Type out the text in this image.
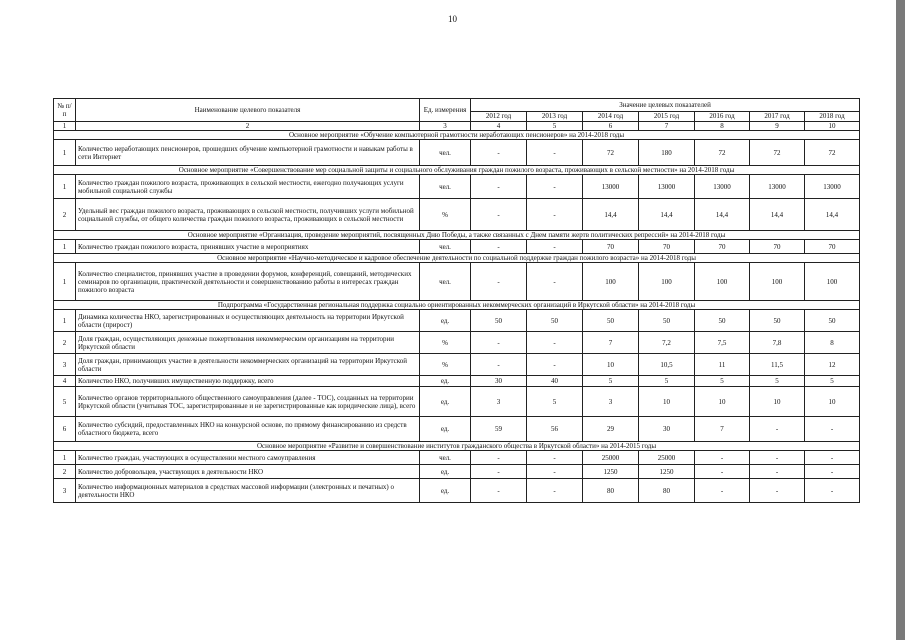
10
№ п/п	Наименование целевого показателя	Ед. измерения	Значение целевых показателей						
			2012 год	2013 год	2014 год	2015 год	2016 год	2017 год	2018 год
1	2	3	4	5	6	7	8	9	10
Основное мероприятие «Обучение компьютерной грамотности неработающих пенсионеров» на 2014-2018 годы									
1	Количество неработающих пенсионеров, прошедших обучение компьютерной грамотности и навыкам работы в сети Интернет	чел.	-	-	72	180	72	72	72
Основное мероприятие «Совершенствование мер социальной защиты и социального обслуживания граждан пожилого возраста, проживающих в сельской местности» на 2014-2018 годы									
1	Количество граждан пожилого возраста, проживающих в сельской местности, ежегодно получающих услуги мобильной социальной службы	чел.	-	-	13000	13000	13000	13000	13000
2	Удельный вес граждан пожилого возраста, проживающих в сельской местности, получивших услуги мобильной социальной службы, от общего количества граждан пожилого возраста, проживающих в сельской местности	%	-	-	14,4	14,4	14,4	14,4	14,4
Основное мероприятие «Организация, проведение мероприятий, посвященных Дню Победы, а также связанных с Днем памяти жертв политических репрессий» на 2014-2018 годы									
1	Количество граждан пожилого возраста, принявших участие в мероприятиях	чел.	-	-	70	70	70	70	70
Основное мероприятие «Научно-методическое и кадровое обеспечение деятельности по социальной поддержке граждан пожилого возраста» на 2014-2018 годы									
1	Количество специалистов, принявших участие в проведении форумов, конференций, совещаний, методических семинаров по организации, практической деятельности и совершенствованию работы в интересах граждан пожилого возраста	чел.	-	-	100	100	100	100	100
Подпрограмма «Государственная региональная поддержка социально ориентированных некоммерческих организаций в Иркутской области» на 2014-2018 годы									
1	Динамика количества НКО, зарегистрированных и осуществляющих деятельность на территории Иркутской области (прирост)	ед.	50	50	50	50	50	50	50
2	Доля граждан, осуществляющих денежные пожертвования некоммерческим организациям на территории Иркутской области	%	-	-	7	7,2	7,5	7,8	8
3	Доля граждан, принимающих участие в деятельности некоммерческих организаций на территории Иркутской области	%	-	-	10	10,5	11	11,5	12
4	Количество НКО, получивших имущественную поддержку, всего	ед.	30	40	5	5	5	5	5
5	Количество органов территориального общественного самоуправления (далее - ТОС), созданных на территории Иркутской области (учитывая ТОС, зарегистрированные и не зарегистрированные как юридические лица), всего	ед.	3	5	3	10	10	10	10
6	Количество субсидий, предоставленных НКО на конкурсной основе, по прямому финансированию из средств областного бюджета, всего	ед.	59	56	29	30	7	-	-
Основное мероприятие «Развитие и совершенствование институтов гражданского общества в Иркутской области» на 2014-2015 годы									
1	Количество граждан, участвующих в осуществлении местного самоуправления	чел.	-	-	25000	25000	-	-	-
2	Количество добровольцев, участвующих в деятельности НКО	ед.	-	-	1250	1250	-	-	-
3	Количество информационных материалов в средствах массовой информации (электронных и печатных) о деятельности НКО	ед.	-	-	80	80	-	-	-
